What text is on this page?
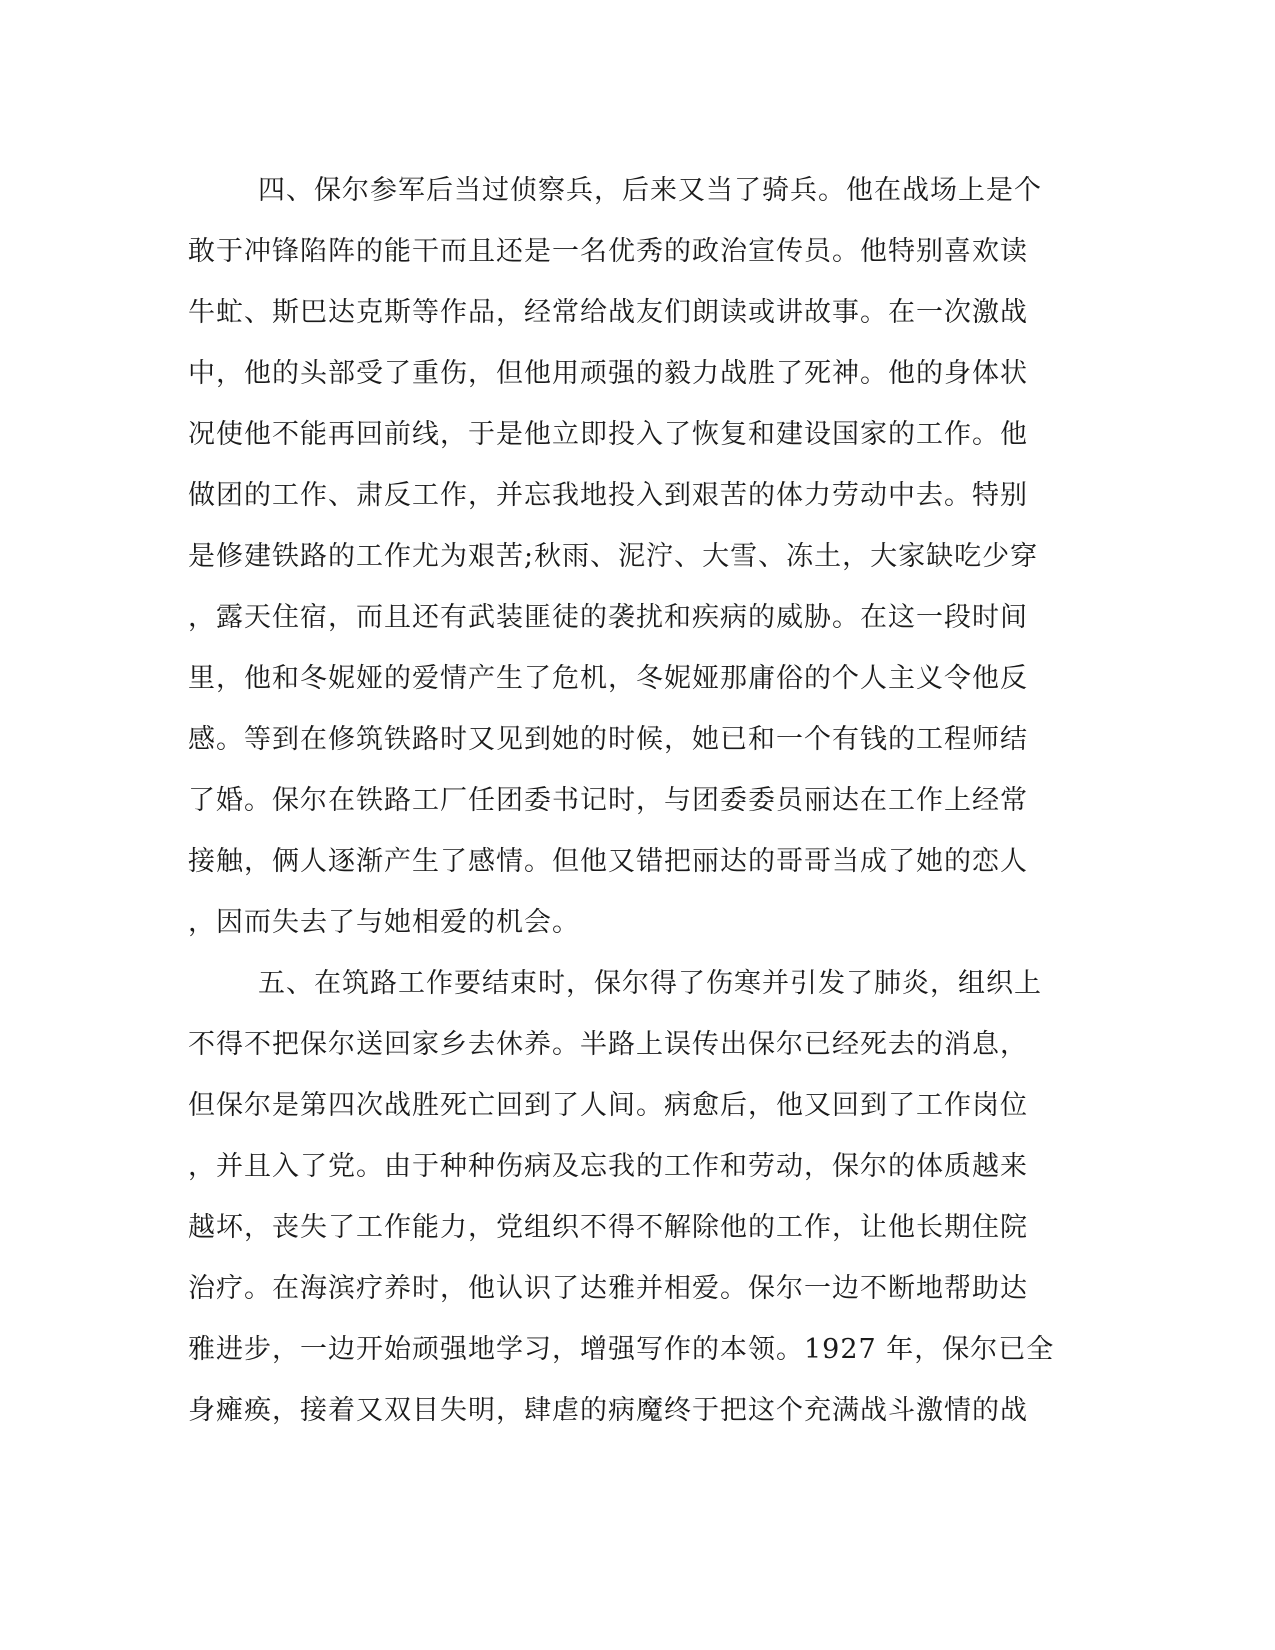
四、保尔参军后当过侦察兵，后来又当了骑兵。他在战场上是个
敢于冲锋陷阵的能干而且还是一名优秀的政治宣传员。他特别喜欢读
牛虻、斯巴达克斯等作品，经常给战友们朗读或讲故事。在一次激战
中，他的头部受了重伤，但他用顽强的毅力战胜了死神。他的身体状
况使他不能再回前线，于是他立即投入了恢复和建设国家的工作。他
做团的工作、肃反工作，并忘我地投入到艰苦的体力劳动中去。特别
是修建铁路的工作尤为艰苦;秋雨、泥泞、大雪、冻土，大家缺吃少穿
，露天住宿，而且还有武装匪徒的袭扰和疾病的威胁。在这一段时间
里，他和冬妮娅的爱情产生了危机，冬妮娅那庸俗的个人主义令他反
感。等到在修筑铁路时又见到她的时候，她已和一个有钱的工程师结
了婚。保尔在铁路工厂任团委书记时，与团委委员丽达在工作上经常
接触，俩人逐渐产生了感情。但他又错把丽达的哥哥当成了她的恋人
，因而失去了与她相爱的机会。
五、在筑路工作要结束时，保尔得了伤寒并引发了肺炎，组织上
不得不把保尔送回家乡去休养。半路上误传出保尔已经死去的消息，
但保尔是第四次战胜死亡回到了人间。病愈后，他又回到了工作岗位
，并且入了党。由于种种伤病及忘我的工作和劳动，保尔的体质越来
越坏，丧失了工作能力，党组织不得不解除他的工作，让他长期住院
治疗。在海滨疗养时，他认识了达雅并相爱。保尔一边不断地帮助达
雅进步，一边开始顽强地学习，增强写作的本领。1927 年，保尔已全
身瘫痪，接着又双目失明，肆虐的病魔终于把这个充满战斗激情的战
